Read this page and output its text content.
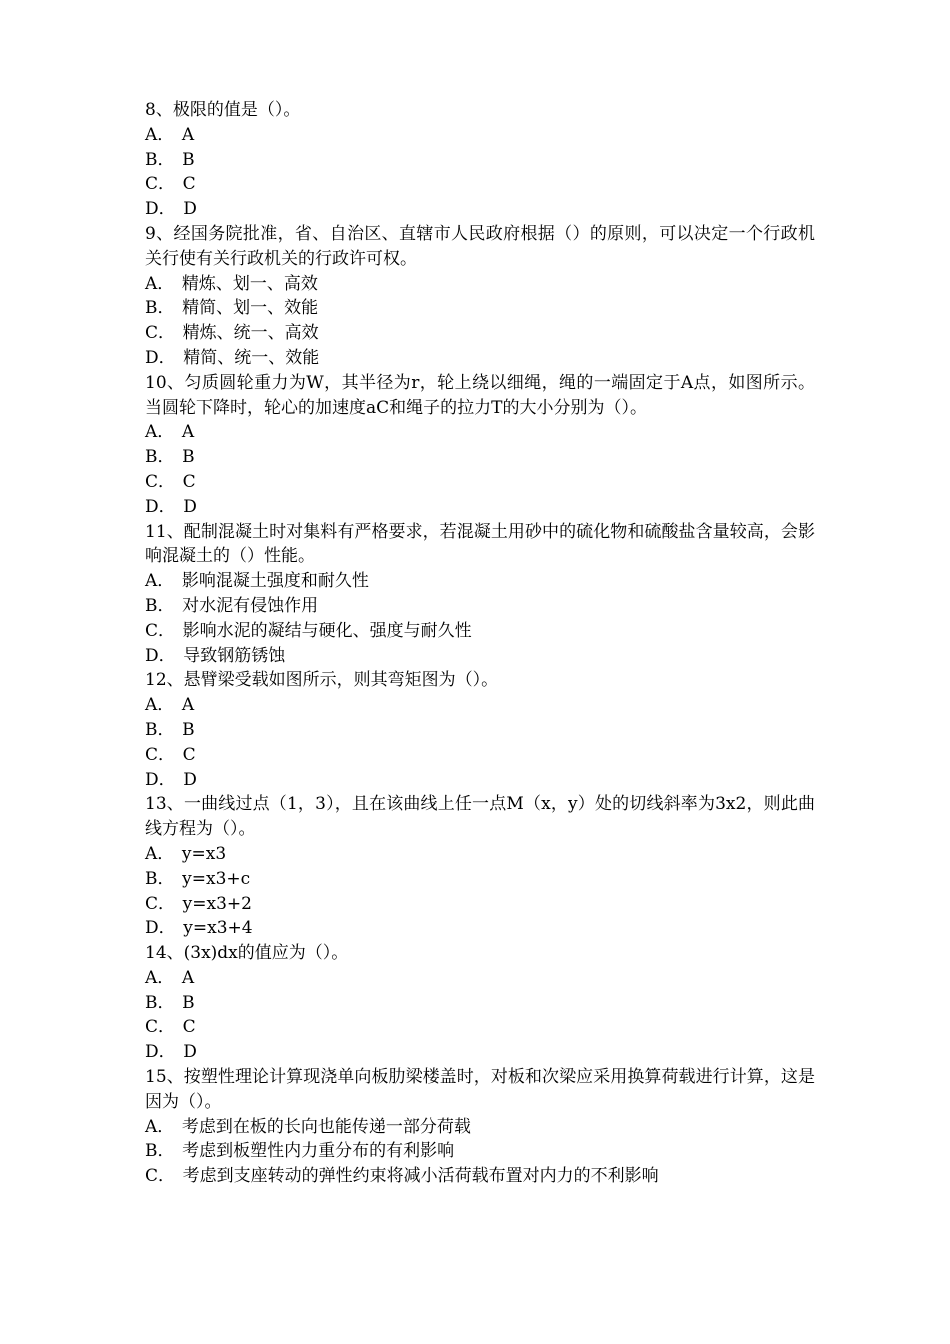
8、极限的值是（）。
A． A
B． B
C． C
D． D
9、经国务院批准，省、自治区、直辖市人民政府根据（）的原则，可以决定一个行政机关行使有关行政机关的行政许可权。
A． 精炼、划一、高效
B． 精简、划一、效能
C． 精炼、统一、高效
D． 精简、统一、效能
10、匀质圆轮重力为W，其半径为r，轮上绕以细绳，绳的一端固定于A点，如图所示。当圆轮下降时，轮心的加速度aC和绳子的拉力T的大小分别为（）。
A． A
B． B
C． C
D． D
11、配制混凝土时对集料有严格要求，若混凝土用砂中的硫化物和硫酸盐含量较高，会影响混凝土的（）性能。
A． 影响混凝土强度和耐久性
B． 对水泥有侵蚀作用
C． 影响水泥的凝结与硬化、强度与耐久性
D． 导致钢筋锈蚀
12、悬臂梁受载如图所示，则其弯矩图为（）。
A． A
B． B
C． C
D． D
13、一曲线过点（1，3），且在该曲线上任一点M（x，y）处的切线斜率为3x2，则此曲线方程为（）。
A． y=x3
B． y=x3+c
C． y=x3+2
D． y=x3+4
14、(3x)dx的值应为（）。
A． A
B． B
C． C
D． D
15、按塑性理论计算现浇单向板肋梁楼盖时，对板和次梁应采用换算荷载进行计算，这是因为（）。
A． 考虑到在板的长向也能传递一部分荷载
B． 考虑到板塑性内力重分布的有利影响
C． 考虑到支座转动的弹性约束将减小活荷载布置对内力的不利影响
